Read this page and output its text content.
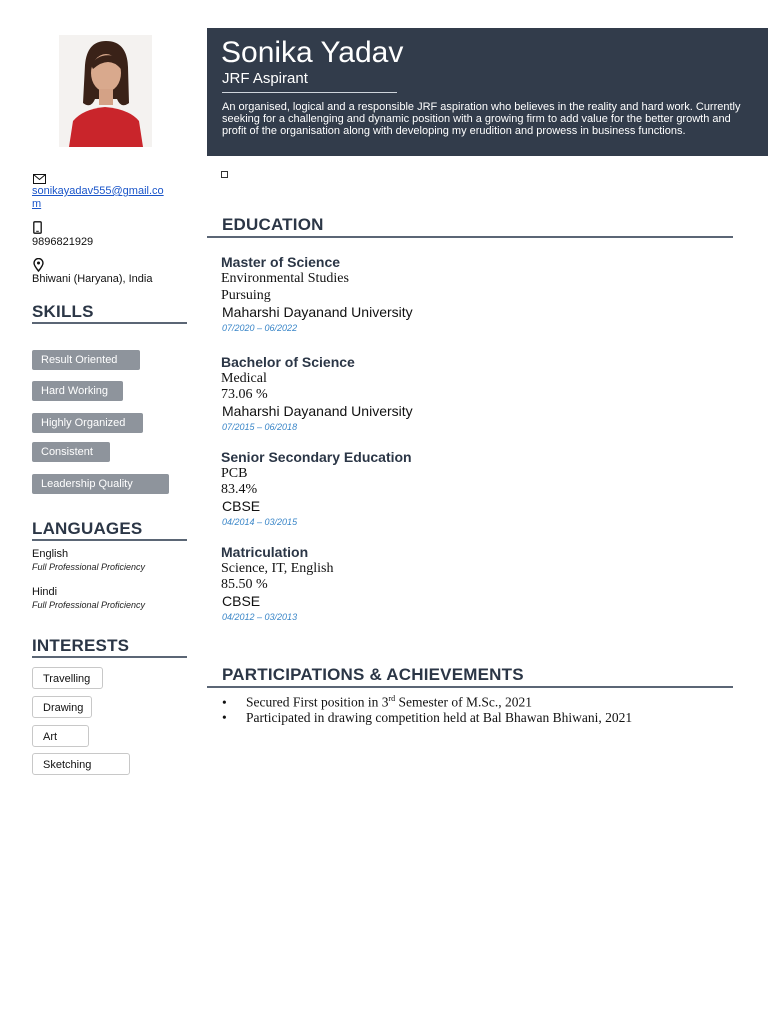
Sonika Yadav
JRF Aspirant
An organised, logical and a responsible JRF aspiration who believes in the reality and hard work. Currently seeking for a challenging and dynamic position with a growing firm to add value for the better growth and profit of the organisation along with developing my erudition and prowess in business functions.
sonikayadav555@gmail.co
m
9896821929
Bhiwani (Haryana), India
SKILLS
Result Oriented
Hard Working
Highly Organized
Consistent
Leadership Quality
LANGUAGES
English
Full Professional Proficiency
Hindi
Full Professional Proficiency
INTERESTS
Travelling
Drawing
Art
Sketching
EDUCATION
Master of Science
Environmental Studies
Pursuing
Maharshi Dayanand University
07/2020 – 06/2022
Bachelor of Science
Medical
73.06 %
Maharshi Dayanand University
07/2015 – 06/2018
Senior Secondary Education
PCB
83.4%
CBSE
04/2014 – 03/2015
Matriculation
Science, IT, English
85.50 %
CBSE
04/2012 – 03/2013
PARTICIPATIONS & ACHIEVEMENTS
• Secured First position in 3rd Semester of M.Sc., 2021
• Participated in drawing competition held at Bal Bhawan Bhiwani, 2021
